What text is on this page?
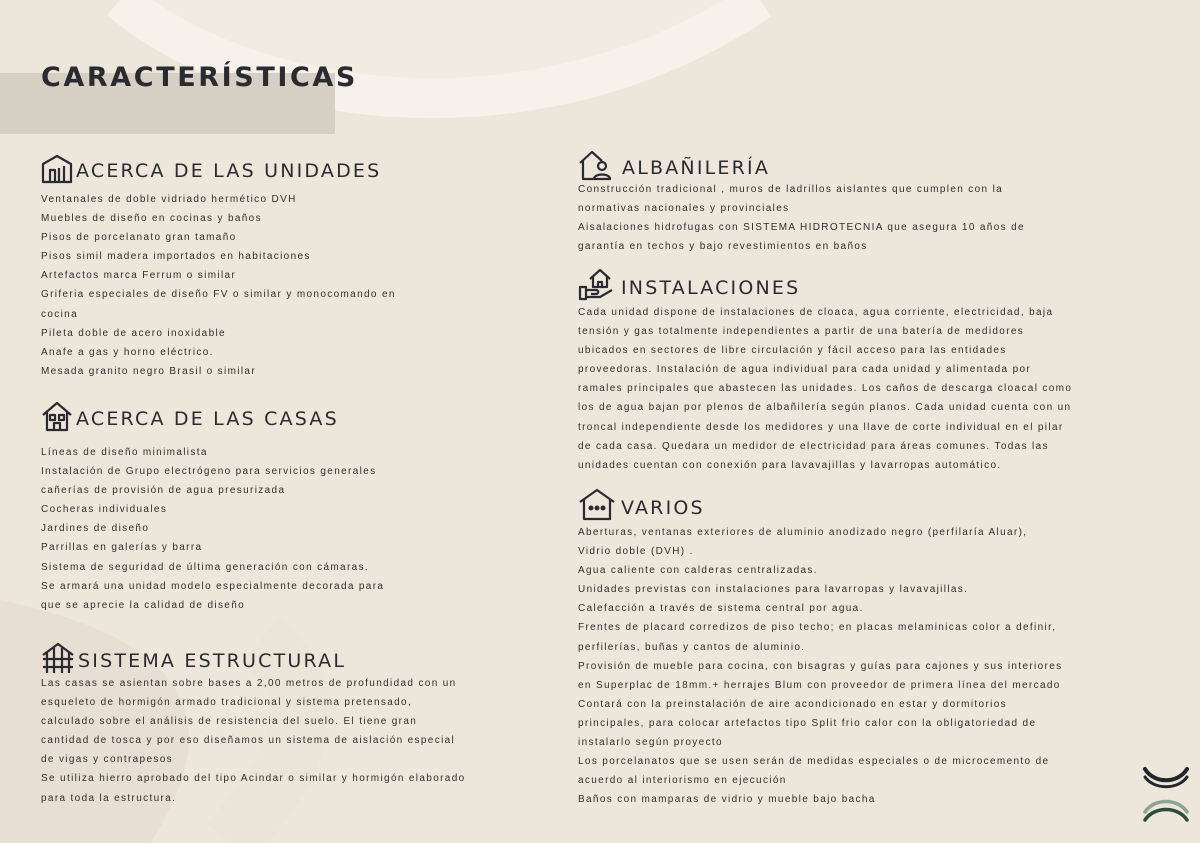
CARACTERÍSTICAS
ACERCA DE LAS UNIDADES
Ventanales de doble vidriado hermético DVH
Muebles de diseño en cocinas y baños
Pisos de porcelanato gran tamaño
Pisos simil madera importados en habitaciones
Artefactos marca Ferrum o similar
Griferia especiales de diseño FV o similar y monocomando en
cocina
Pileta doble de acero inoxidable
Anafe a gas y horno eléctrico.
Mesada granito negro Brasil o similar
ACERCA DE LAS CASAS
Líneas de diseño minimalista
Instalación de Grupo electrógeno para servicios generales
cañerías de provisión de agua presurizada
Cocheras individuales
Jardines de diseño
Parrillas en galerías y barra
Sistema de seguridad de última generación con cámaras.
Se armará una unidad modelo especialmente decorada para
que se aprecie la calidad de diseño
SISTEMA ESTRUCTURAL
Las casas se asientan sobre bases a 2,00 metros de profundidad con un
esqueleto de hormigón armado tradicional y sistema pretensado,
calculado sobre el análisis de resistencia del suelo. El tiene gran
cantidad de tosca y por eso diseñamos un sistema de aislación especial
de vigas y contrapesos
Se utiliza hierro aprobado del tipo Acindar o similar y hormigón elaborado
para toda la estructura.
ALBAÑILERÍA
Construcción tradicional , muros de ladrillos aislantes que cumplen con la
normativas nacionales y provinciales
Aisalaciones hidrofugas con SISTEMA HIDROTECNIA que asegura 10 años de
garantía en techos y bajo revestimientos en baños
INSTALACIONES
Cada unidad dispone de instalaciones de cloaca, agua corriente, electricidad, baja
tensión y gas totalmente independientes a partir de una batería de medidores
ubicados en sectores de libre circulación y fácil acceso para las entidades
proveedoras. Instalación de agua individual para cada unidad y alimentada por
ramales principales que abastecen las unidades. Los caños de descarga cloacal como
los de agua bajan por plenos de albañilería según planos. Cada unidad cuenta con un
troncal independiente desde los medidores y una llave de corte individual en el pilar
de cada casa. Quedara un medidor de electricidad para áreas comunes. Todas las
unidades cuentan con conexión para lavavajillas y lavarropas automático.
VARIOS
Aberturas, ventanas exteriores de aluminio anodizado negro (perfilaría Aluar),
Vidrio doble (DVH) .
Agua caliente con calderas centralizadas.
Unidades previstas con instalaciones para lavarropas y lavavajillas.
Calefacción a través de sistema central por agua.
Frentes de placard corredizos de piso techo; en placas melaminicas color a definir,
perfilerías, buñas y cantos de aluminio.
Provisión de mueble para cocina, con bisagras y guías para cajones y sus interiores
en Superplac de 18mm.+ herrajes Blum con proveedor de primera línea del mercado
Contará con la preinstalación de aire acondicionado en estar y dormitorios
principales, para colocar artefactos tipo Split frio calor con la obligatoriedad de
instalarlo según proyecto
Los porcelanatos que se usen serán de medidas especiales o de microcemento de
acuerdo al interiorismo en ejecución
Baños con mamparas de vidrio y mueble bajo bacha
